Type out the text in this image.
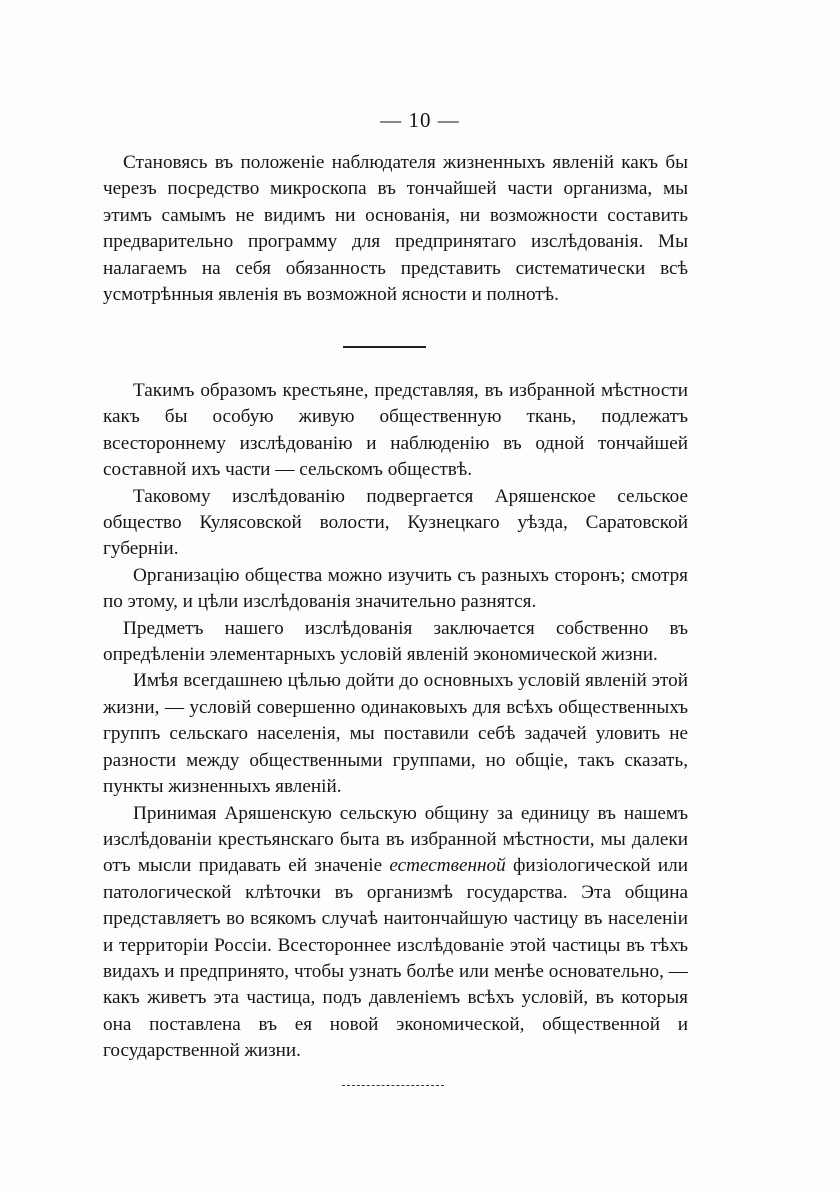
— 10 —

Становясь въ положеніе наблюдателя жизненныхъ явленій какъ бы черезъ посредство микроскопа въ тончайшей части организма, мы этимъ самымъ не видимъ ни основанія, ни возможности составить предварительно программу для предпринятаго изслѣдованія. Мы налагаемъ на себя обязанность представить систематически всѣ усмотрѣнныя явленія въ возможной ясности и полнотѣ.

Такимъ образомъ крестьяне, представляя, въ избранной мѣстности какъ бы особую живую общественную ткань, подлежатъ всестороннему изслѣдованію и наблюденію въ одной тончайшей составной ихъ части — сельскомъ обществѣ.

Таковому изслѣдованію подвергается Аряшенское сельское общество Кулясовской волости, Кузнецкаго уѣзда, Саратовской губерніи.

Организацію общества можно изучить съ разныхъ сторонъ; смотря по этому, и цѣли изслѣдованія значительно разнятся.

Предметъ нашего изслѣдованія заключается собственно въ опредѣленіи элементарныхъ условій явленій экономической жизни.

Имѣя всегдашнею цѣлью дойти до основныхъ условій явленій этой жизни, — условій совершенно одинаковыхъ для всѣхъ общественныхъ группъ сельскаго населенія, мы поставили себѣ задачей уловить не разности между общественными группами, но общіе, такъ сказать, пункты жизненныхъ явленій.

Принимая Аряшенскую сельскую общину за единицу въ нашемъ изслѣдованіи крестьянскаго быта въ избранной мѣстности, мы далеки отъ мысли придавать ей значеніе естественной физіологической или патологической клѣточки въ организмѣ государства. Эта община представляетъ во всякомъ случаѣ наитончайшую частицу въ населеніи и территоріи Россіи. Всестороннее изслѣдованіе этой частицы въ тѣхъ видахъ и предпринято, чтобы узнать болѣе или менѣе основательно, — какъ живетъ эта частица, подъ давленіемъ всѣхъ условій, въ которыя она поставлена въ ея новой экономической, общественной и государственной жизни.
